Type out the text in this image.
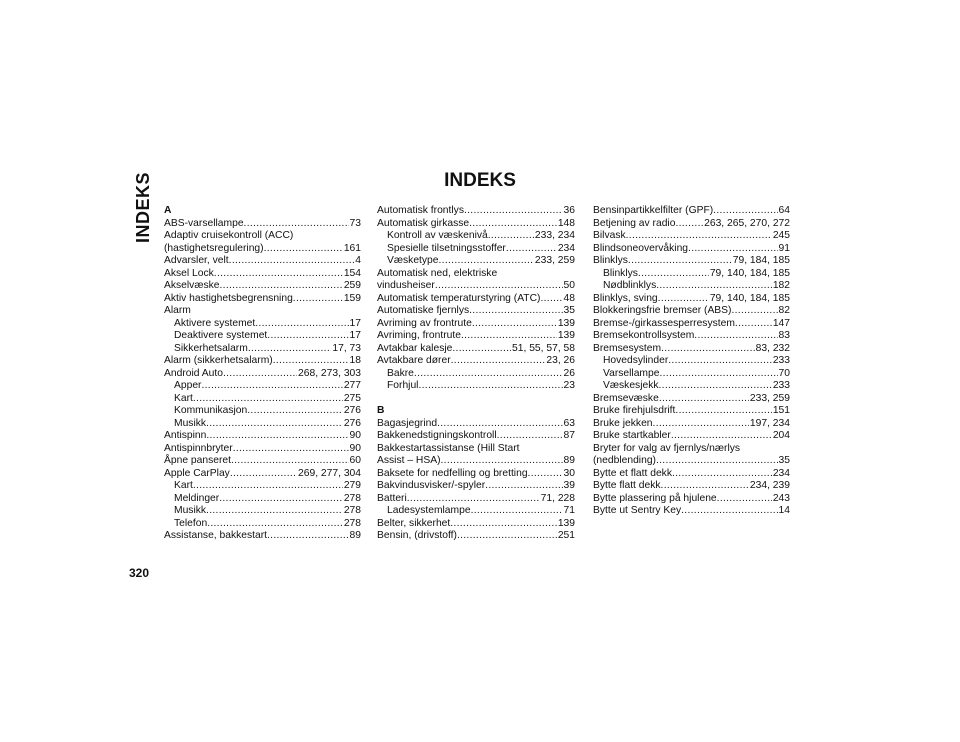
INDEKS	INDEKS
A
ABS-varsellampe .....	73
Adaptiv cruisekontroll (ACC)
(hastighetsregulering) .....	161
Advarsler, velt .....	4
Aksel Lock .....	154
Akselvæske .....	259
Aktiv hastighetsbegrensning .....	159
Alarm
Aktivere systemet .....	17
Deaktivere systemet .....	17
Sikkerhetsalarm .....	17, 73
Alarm (sikkerhetsalarm) .....	18
Android Auto .....	268, 273, 303
Apper .....	277
Kart .....	275
Kommunikasjon .....	276
Musikk .....	276
Antispinn .....	90
Antispinnbryter .....	90
Åpne panseret .....	60
Apple CarPlay .....	269, 277, 304
Kart .....	279
Meldinger .....	278
Musikk .....	278
Telefon .....	278
Assistanse, bakkestart .....	89
Automatisk frontlys .....	36
Automatisk girkasse .....	148
Kontroll av væskenivå .....	233, 234
Spesielle tilsetningsstoffer .....	234
Væsketype .....	233, 259
Automatisk ned, elektriske
vindusheiser .....	50
Automatisk temperaturstyring (ATC) ..... 48
Automatiske fjernlys .....	35
Avriming av frontrute .....	139
Avriming, frontrute .....	139
Avtakbar kalesje .....	51, 55, 57, 58
Avtakbare dører .....	23, 26
Bakre .....	26
Forhjul .....	23
B
Bagasjegrind .....	63
Bakkenedstigningskontroll .....	87
Bakkestartassistanse (Hill Start
Assist – HSA) .....	89
Baksete for nedfelling og bretting .....	30
Bakvindusvisker/-spyler .....	39
Batteri .....	71, 228
Ladesystemlampe .....	71
Belter, sikkerhet .....	139
Bensin, (drivstoff) .....	251
Bensinpartikkelfilter (GPF) .....	64
Betjening av radio .....	263, 265, 270, 272
Bilvask .....	245
Blindsoneovervåking .....	91
Blinklys .....	79, 184, 185
Blinklys .....	79, 140, 184, 185
Nødblinklys .....	182
Blinklys, sving .....	79, 140, 184, 185
Blokkeringsfrie bremser (ABS) .....	82
Bremse-/girkassesperresystem .....	147
Bremsekontrollsystem .....	83
Bremsesystem .....	83, 232
Hovedsylinder .....	233
Varsellampe .....	70
Væskesjekk .....	233
Bremsevæske .....	233, 259
Bruke firehjulsdrift .....	151
Bruke jekken .....	197, 234
Bruke startkabler .....	204
Bryter for valg av fjernlys/nærlys
(nedblending) .....	35
Bytte et flatt dekk .....	234
Bytte flatt dekk .....	234, 239
Bytte plassering på hjulene .....	243
Bytte ut Sentry Key .....	14
320
